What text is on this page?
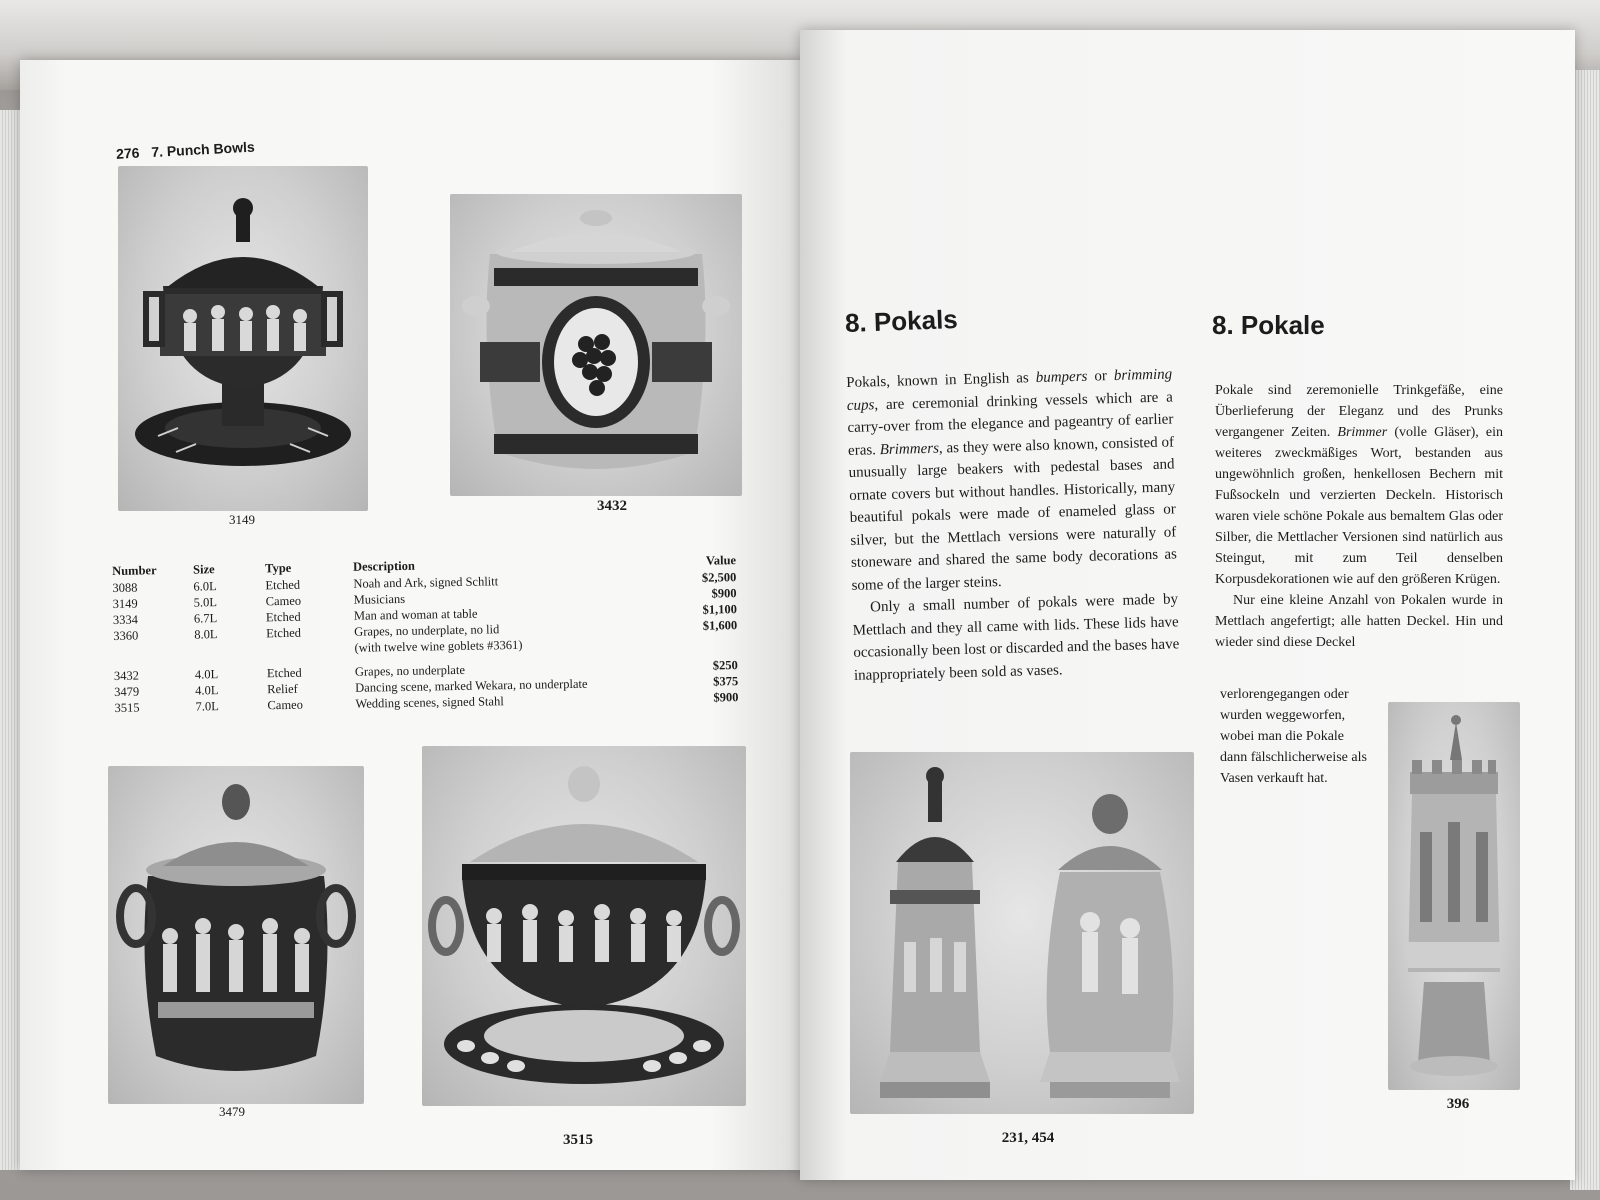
276 7. Punch Bowls
3149
3432
Number	Size	Type	Description	Value
3088	6.0L	Etched	Noah and Ark, signed Schlitt	$2,500
3149	5.0L	Cameo	Musicians	$900
3334	6.7L	Etched	Man and woman at table	$1,100
3360	8.0L	Etched	Grapes, no underplate, no lid	$1,600
			(with twelve wine goblets #3361)	

3432	4.0L	Etched	Grapes, no underplate	$250
3479	4.0L	Relief	Dancing scene, marked Wekara, no underplate	$375
3515	7.0L	Cameo	Wedding scenes, signed Stahl	$900
3479
3515
8. Pokals	8. Pokale
Pokals, known in English as bumpers or brimming cups, are ceremonial drinking vessels which are a carry-over from the elegance and pageantry of earlier eras. Brimmers, as they were also known, consisted of unusually large beakers with pedestal bases and ornate covers but without handles. Historically, many beautiful pokals were made of enameled glass or silver, but the Mettlach versions were naturally of stoneware and shared the same body decorations as some of the larger steins.
Only a small number of pokals were made by Mettlach and they all came with lids. These lids have occasionally been lost or discarded and the bases have inappropriately been sold as vases.
Pokale sind zeremonielle Trinkgefäße, eine Überlieferung der Eleganz und des Prunks vergangener Zeiten. Brimmer (volle Gläser), ein weiteres zweckmäßiges Wort, bestanden aus ungewöhnlich großen, henkellosen Bechern mit Fußsockeln und verzierten Deckeln. Historisch waren viele schöne Pokale aus bemaltem Glas oder Silber, die Mettlacher Versionen sind natürlich aus Steingut, mit zum Teil denselben Korpusdekorationen wie auf den größeren Krügen.
Nur eine kleine Anzahl von Pokalen wurde in Mettlach angefertigt; alle hatten Deckel. Hin und wieder sind diese Deckel
verlorengegangen oder wurden weggeworfen, wobei man die Pokale dann fälschlicherweise als Vasen verkauft hat.
231, 454
396
